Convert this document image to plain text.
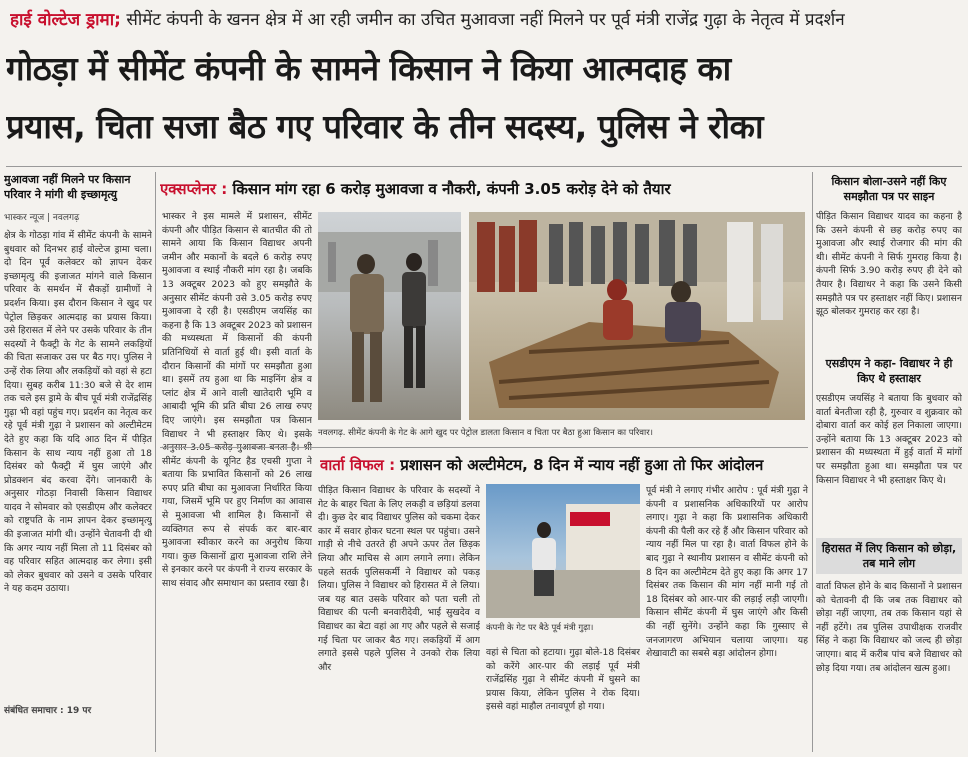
हाई वोल्टेज ड्रामा; सीमेंट कंपनी के खनन क्षेत्र में आ रही जमीन का उचित मुआवजा नहीं मिलने पर पूर्व मंत्री राजेंद्र गुढ़ा के नेतृत्व में प्रदर्शन
गोठड़ा में सीमेंट कंपनी के सामने किसान ने किया आत्मदाह का
प्रयास, चिता सजा बैठ गए परिवार के तीन सदस्य, पुलिस ने रोका
मुआवजा नहीं मिलने पर किसान परिवार ने मांगी थी इच्छामृत्यु
भास्कर न्यूज | नवलगढ़
क्षेत्र के गोठड़ा गांव में सीमेंट कंपनी के सामने बुधवार को दिनभर हाई वोल्टेज ड्रामा चला। दो दिन पूर्व कलेक्टर को ज्ञापन देकर इच्छामृत्यु की इजाजत मांगने वाले किसान परिवार के समर्थन में सैकड़ों ग्रामीणों ने प्रदर्शन किया। इस दौरान किसान ने खुद पर पेट्रोल छिड़कर आत्मदाह का प्रयास किया। उसे हिरासत में लेने पर उसके परिवार के तीन सदस्यों ने फैक्ट्री के गेट के सामने लकड़ियों की चिता सजाकर उस पर बैठ गए। पुलिस ने उन्हें रोक लिया और लकड़ियों को वहां से हटा दिया। सुबह करीब 11:30 बजे से देर शाम तक चले इस ड्रामे के बीच पूर्व मंत्री राजेंद्रसिंह गुढ़ा भी वहां पहुंच गए। प्रदर्शन का नेतृत्व कर रहे पूर्व मंत्री गुढ़ा ने प्रशासन को अल्टीमेटम देते हुए कहा कि यदि आठ दिन में पीड़ित किसान के साथ न्याय नहीं हुआ तो 18 दिसंबर को फैक्ट्री में घुस जाएंगे और प्रोडक्शन बंद करवा देंगे। जानकारी के अनुसार गोठड़ा निवासी किसान विद्याधर यादव ने सोमवार को एसडीएम और कलेक्टर को राष्ट्रपति के नाम ज्ञापन देकर इच्छामृत्यु की इजाजत मांगी थी। उन्होंने चेतावनी दी थी कि अगर न्याय नहीं मिला तो 11 दिसंबर को वह परिवार सहित आत्मदाह कर लेगा। इसी को लेकर बुधवार को उसने व उसके परिवार ने यह कदम उठाया।
संबंधित समाचार : 19 पर
एक्सप्लेनर : किसान मांग रहा 6 करोड़ मुआवजा व नौकरी, कंपनी 3.05 करोड़ देने को तैयार
भास्कर ने इस मामले में प्रशासन, सीमेंट कंपनी और पीड़ित किसान से बातचीत की तो सामने आया कि किसान विद्याधर अपनी जमीन और मकानों के बदले 6 करोड़ रुपए मुआवजा व स्थाई नौकरी मांग रहा है। जबकि 13 अक्टूबर 2023 को हुए समझौते के अनुसार सीमेंट कंपनी उसे 3.05 करोड़ रुपए मुआवजा दे रही है। एसडीएम जयसिंह का कहना है कि 13 अक्टूबर 2023 को प्रशासन की मध्यस्थता में किसानों की कंपनी प्रतिनिधियों से वार्ता हुई थी। इसी वार्ता के दौरान किसानों की मांगों पर समझौता हुआ था। इसमें तय हुआ था कि माइनिंग क्षेत्र व प्लांट क्षेत्र में आने वाली खातेदारी भूमि व आबादी भूमि की प्रति बीघा 26 लाख रुपए दिए जाएंगे। इस समझौता पत्र किसान विद्याधर ने भी हस्ताक्षर किए थे। इसके सीमेंट कंपनी के यूनिट हैड एचसी गुप्ता ने बताया कि प्रभावित किसानों को 26 लाख रुपए प्रति बीघा का मुआवजा निर्धारित किया गया, जिसमें भूमि पर हुए निर्माण का आवास से मुआवजा भी शामिल है। किसानों से व्यक्तिगत रूप से संपर्क कर बार-बार मुआवजा स्वीकार करने का अनुरोध किया गया। कुछ किसानों द्वारा मुआवजा राशि लेने से इनकार करने पर कंपनी ने राज्य सरकार के साथ संवाद और समाधान का प्रस्ताव रखा है।
नवलगढ़. सीमेंट कंपनी के गेट के आगे खुद पर पेट्रोल डालता किसान व चिता पर बैठा हुआ किसान का परिवार।
वार्ता विफल : प्रशासन को अल्टीमेटम, 8 दिन में न्याय नहीं हुआ तो फिर आंदोलन
पीड़ित किसान विद्याधर के परिवार के सदस्यों ने गेट के बाहर चिता के लिए लकड़ी व छड़ियां डलवा दी। कुछ देर बाद विद्याधर पुलिस को चकमा देकर कार में सवार होकर घटना स्थल पर पहुंचा। उसने गाड़ी से नीचे उतरते ही अपने ऊपर तेल छिड़क लिया और माचिस से आग लगाने लगा। लेकिन पहले सतर्क पुलिसकर्मी ने विद्याधर को पकड़ लिया। पुलिस ने विद्याधर को हिरासत में ले लिया। जब यह बात उसके परिवार को पता चली तो विद्याधर की पत्नी बनवारीदेवी, भाई सुखदेव व विद्याधर का बेटा वहां आ गए और पहले से सजाई गई चिता पर जाकर बैठ गए। लकड़ियों में आग लगाते इससे पहले पुलिस ने उनको रोक लिया और
कंपनी के गेट पर बैठे पूर्व मंत्री गुढ़ा।
वहां से चिता को हटाया। गुढ़ा बोले-18 दिसंबर को करेंगे आर-पार की लड़ाई पूर्व मंत्री राजेंद्रसिंह गुढ़ा ने सीमेंट कंपनी में घुसने का प्रयास किया, लेकिन पुलिस ने रोक दिया। इससे वहां माहौल तनावपूर्ण हो गया।
पूर्व मंत्री ने लगाए गंभीर आरोप : पूर्व मंत्री गुढ़ा ने कंपनी व प्रशासनिक अधिकारियों पर आरोप लगाए। गुढ़ा ने कहा कि प्रशासनिक अधिकारी कंपनी की पैली कर रहे हैं और किसान परिवार को न्याय नहीं मिल पा रहा है। वार्ता विफल होने के बाद गुढ़ा ने स्थानीय प्रशासन व सीमेंट कंपनी को 8 दिन का अल्टीमेटम देते हुए कहा कि अगर 17 दिसंबर तक किसान की मांग नहीं मानी गई तो 18 दिसंबर को आर-पार की लड़ाई लड़ी जाएगी। किसान सीमेंट कंपनी में घुस जाएंगे और किसी की नहीं सुनेंगे। उन्होंने कहा कि गुस्साए से जनजागरण अभियान चलाया जाएगा। यह शेखावाटी का सबसे बड़ा आंदोलन होगा।
किसान बोला-उसने नहीं किए समझौता पत्र पर साइन
पीड़ित किसान विद्याधर यादव का कहना है कि उसने कंपनी से छह करोड़ रुपए का मुआवजा और स्थाई रोजगार की मांग की थी। सीमेंट कंपनी ने सिर्फ गुमराह किया है। कंपनी सिर्फ 3.90 करोड़ रुपए ही देने को तैयार है। विद्याधर ने कहा कि उसने किसी समझौते पत्र पर हस्ताक्षर नहीं किए। प्रशासन झूठ बोलकर गुमराह कर रहा है।
एसडीएम ने कहा- विद्याधर ने ही किए थे हस्ताक्षर
एसडीएम जयसिंह ने बताया कि बुधवार को वार्ता बेनतीजा रही है, गुरुवार व शुक्रवार को दोबारा वार्ता कर कोई हल निकाला जाएगा। उन्होंने बताया कि 13 अक्टूबर 2023 को प्रशासन की मध्यस्थता में हुई वार्ता में मांगों पर समझौता हुआ था। समझौता पत्र पर किसान विद्याधर ने भी हस्ताक्षर किए थे।
हिरासत में लिए किसान को छोड़ा, तब माने लोग
वार्ता विफल होने के बाद किसानों ने प्रशासन को चेतावनी दी कि जब तक विद्याधर को छोड़ा नहीं जाएगा, तब तक किसान यहां से नहीं हटेंगे। तब पुलिस उपाधीक्षक राजवीर सिंह ने कहा कि विद्याधर को जल्द ही छोड़ा जाएगा। बाद में करीब पांच बजे विद्याधर को छोड़ दिया गया। तब आंदोलन खत्म हुआ।
